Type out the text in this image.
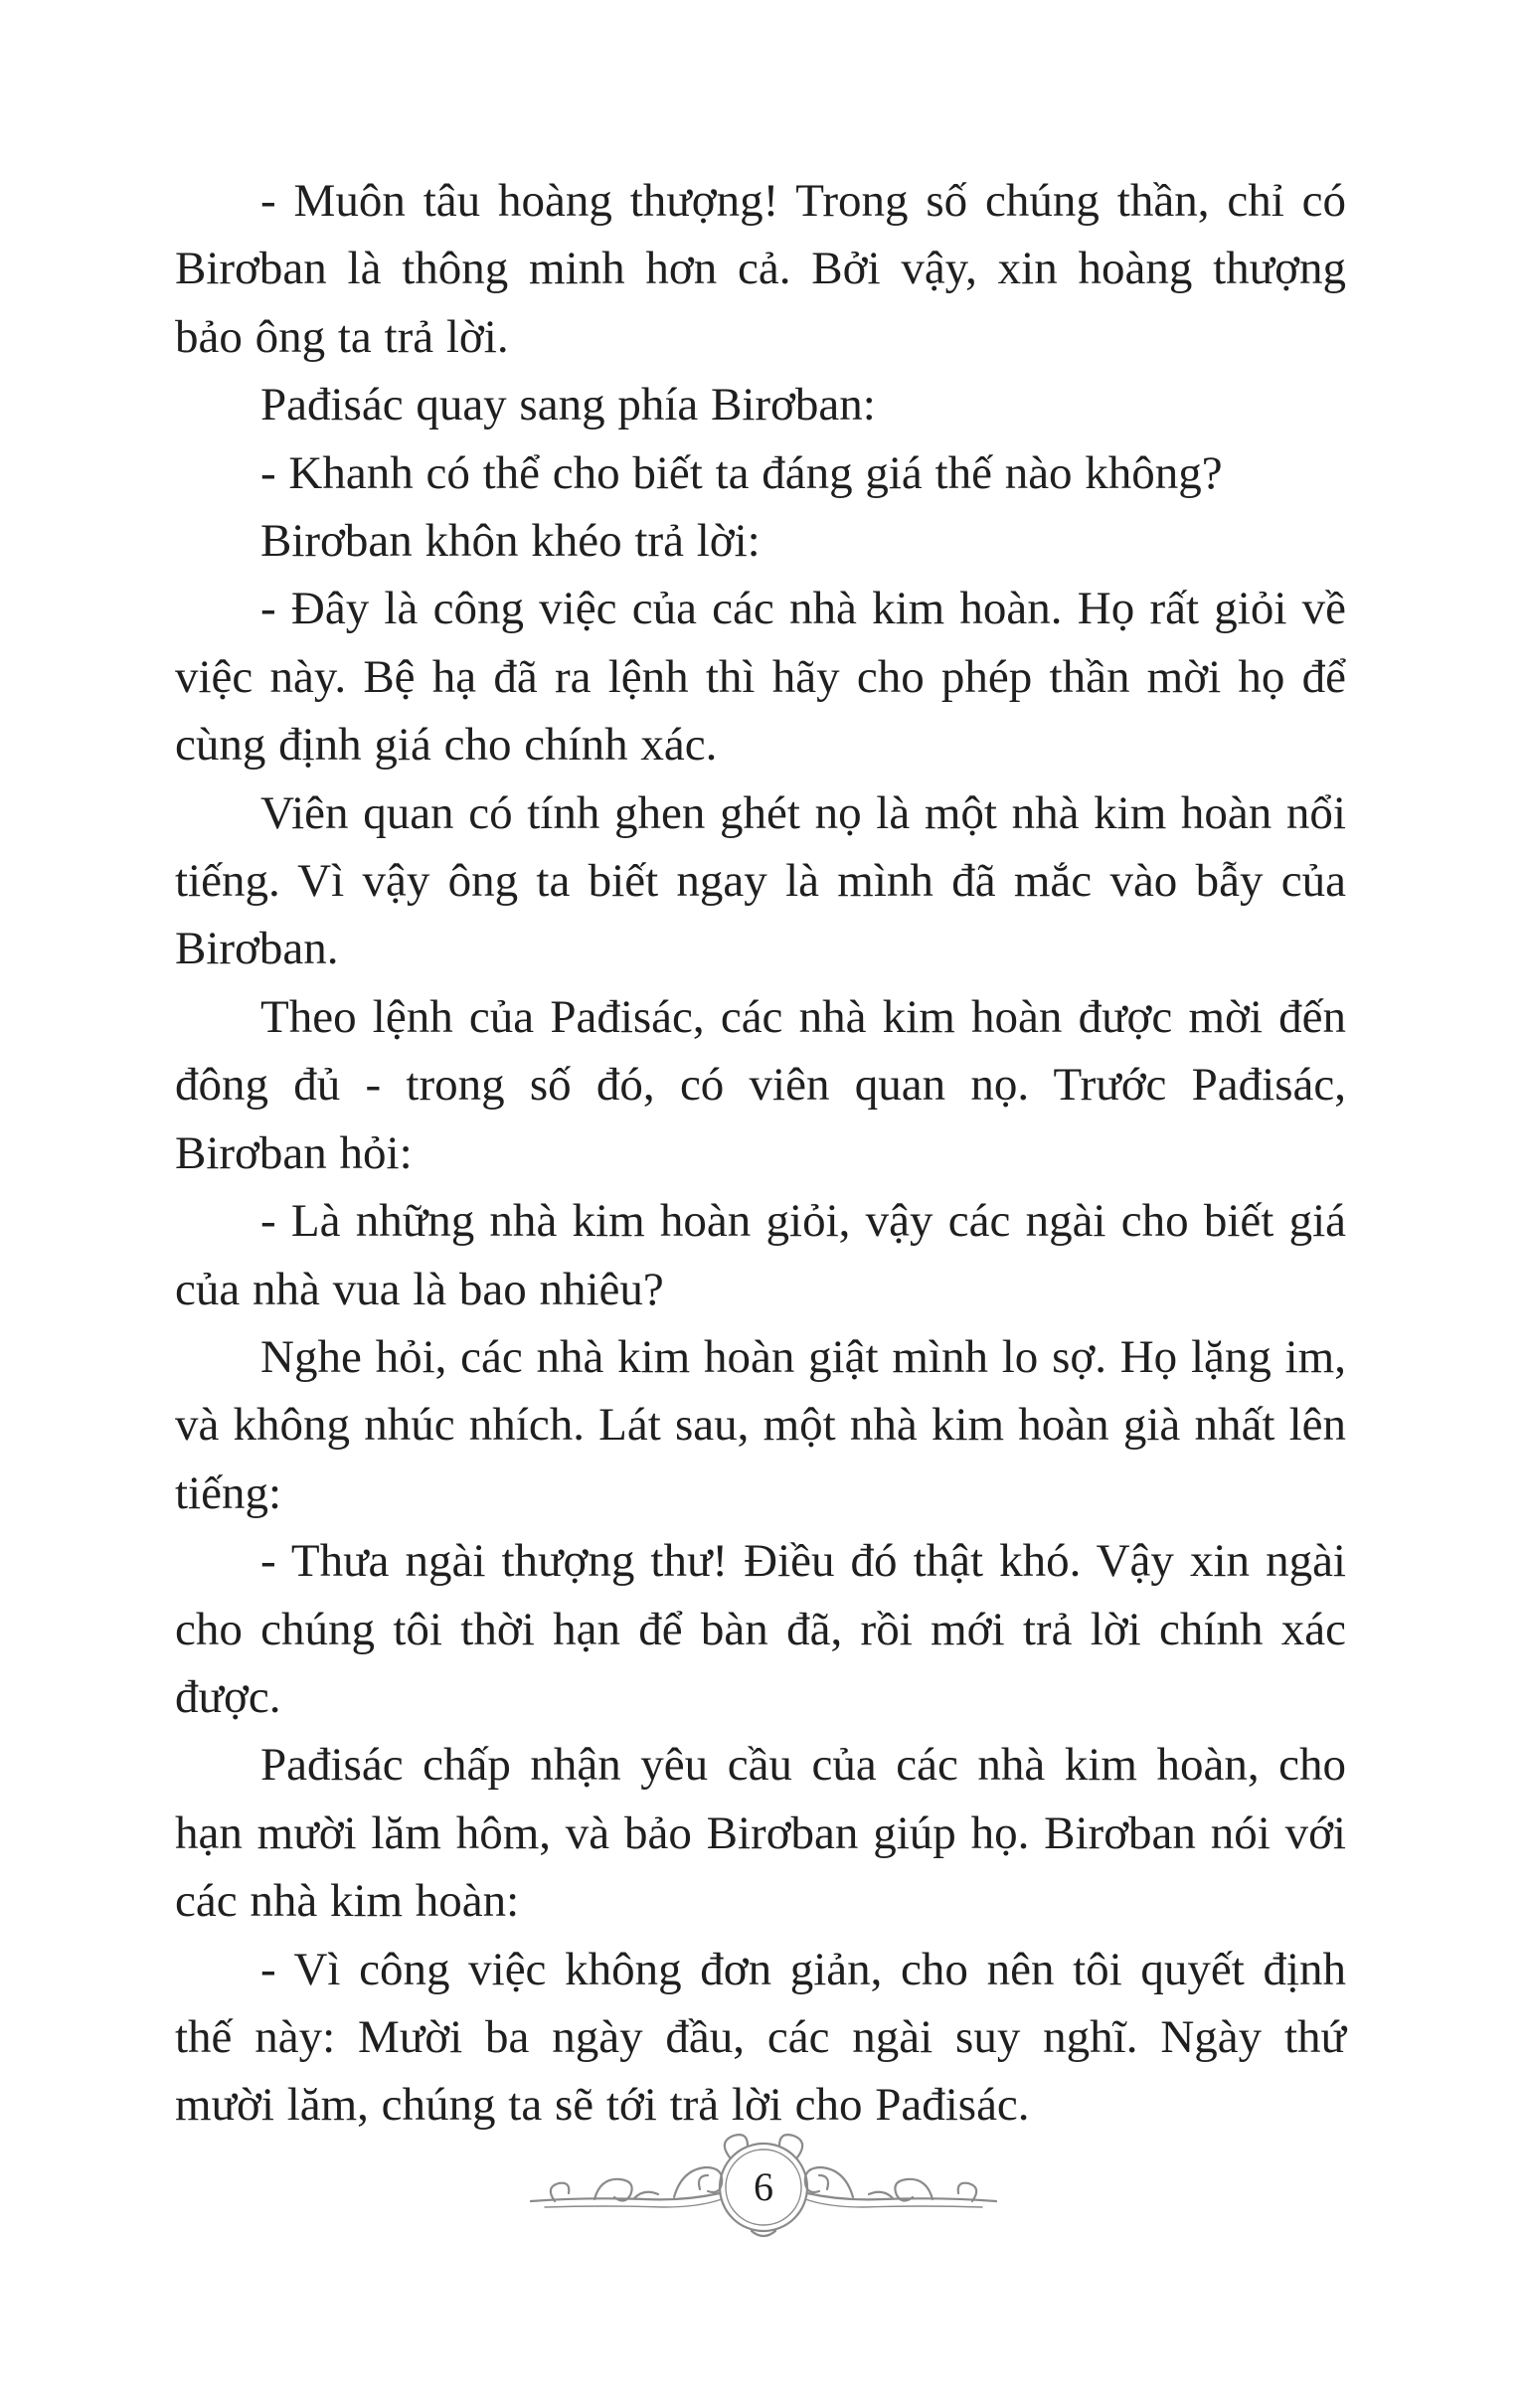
- Muôn tâu hoàng thượng! Trong số chúng thần, chỉ có Birơban là thông minh hơn cả. Bởi vậy, xin hoàng thượng bảo ông ta trả lời.

Pađisác quay sang phía Birơban:

- Khanh có thể cho biết ta đáng giá thế nào không?

Birơban khôn khéo trả lời:

- Đây là công việc của các nhà kim hoàn. Họ rất giỏi về việc này. Bệ hạ đã ra lệnh thì hãy cho phép thần mời họ để cùng định giá cho chính xác.

Viên quan có tính ghen ghét nọ là một nhà kim hoàn nổi tiếng. Vì vậy ông ta biết ngay là mình đã mắc vào bẫy của Birơban.

Theo lệnh của Pađisác, các nhà kim hoàn được mời đến đông đủ - trong số đó, có viên quan nọ. Trước Pađisác, Birơban hỏi:

- Là những nhà kim hoàn giỏi, vậy các ngài cho biết giá của nhà vua là bao nhiêu?

Nghe hỏi, các nhà kim hoàn giật mình lo sợ. Họ lặng im, và không nhúc nhích. Lát sau, một nhà kim hoàn già nhất lên tiếng:

- Thưa ngài thượng thư! Điều đó thật khó. Vậy xin ngài cho chúng tôi thời hạn để bàn đã, rồi mới trả lời chính xác được.

Pađisác chấp nhận yêu cầu của các nhà kim hoàn, cho hạn mười lăm hôm, và bảo Birơban giúp họ. Birơban nói với các nhà kim hoàn:

- Vì công việc không đơn giản, cho nên tôi quyết định thế này: Mười ba ngày đầu, các ngài suy nghĩ. Ngày thứ mười lăm, chúng ta sẽ tới trả lời cho Pađisác.

6
